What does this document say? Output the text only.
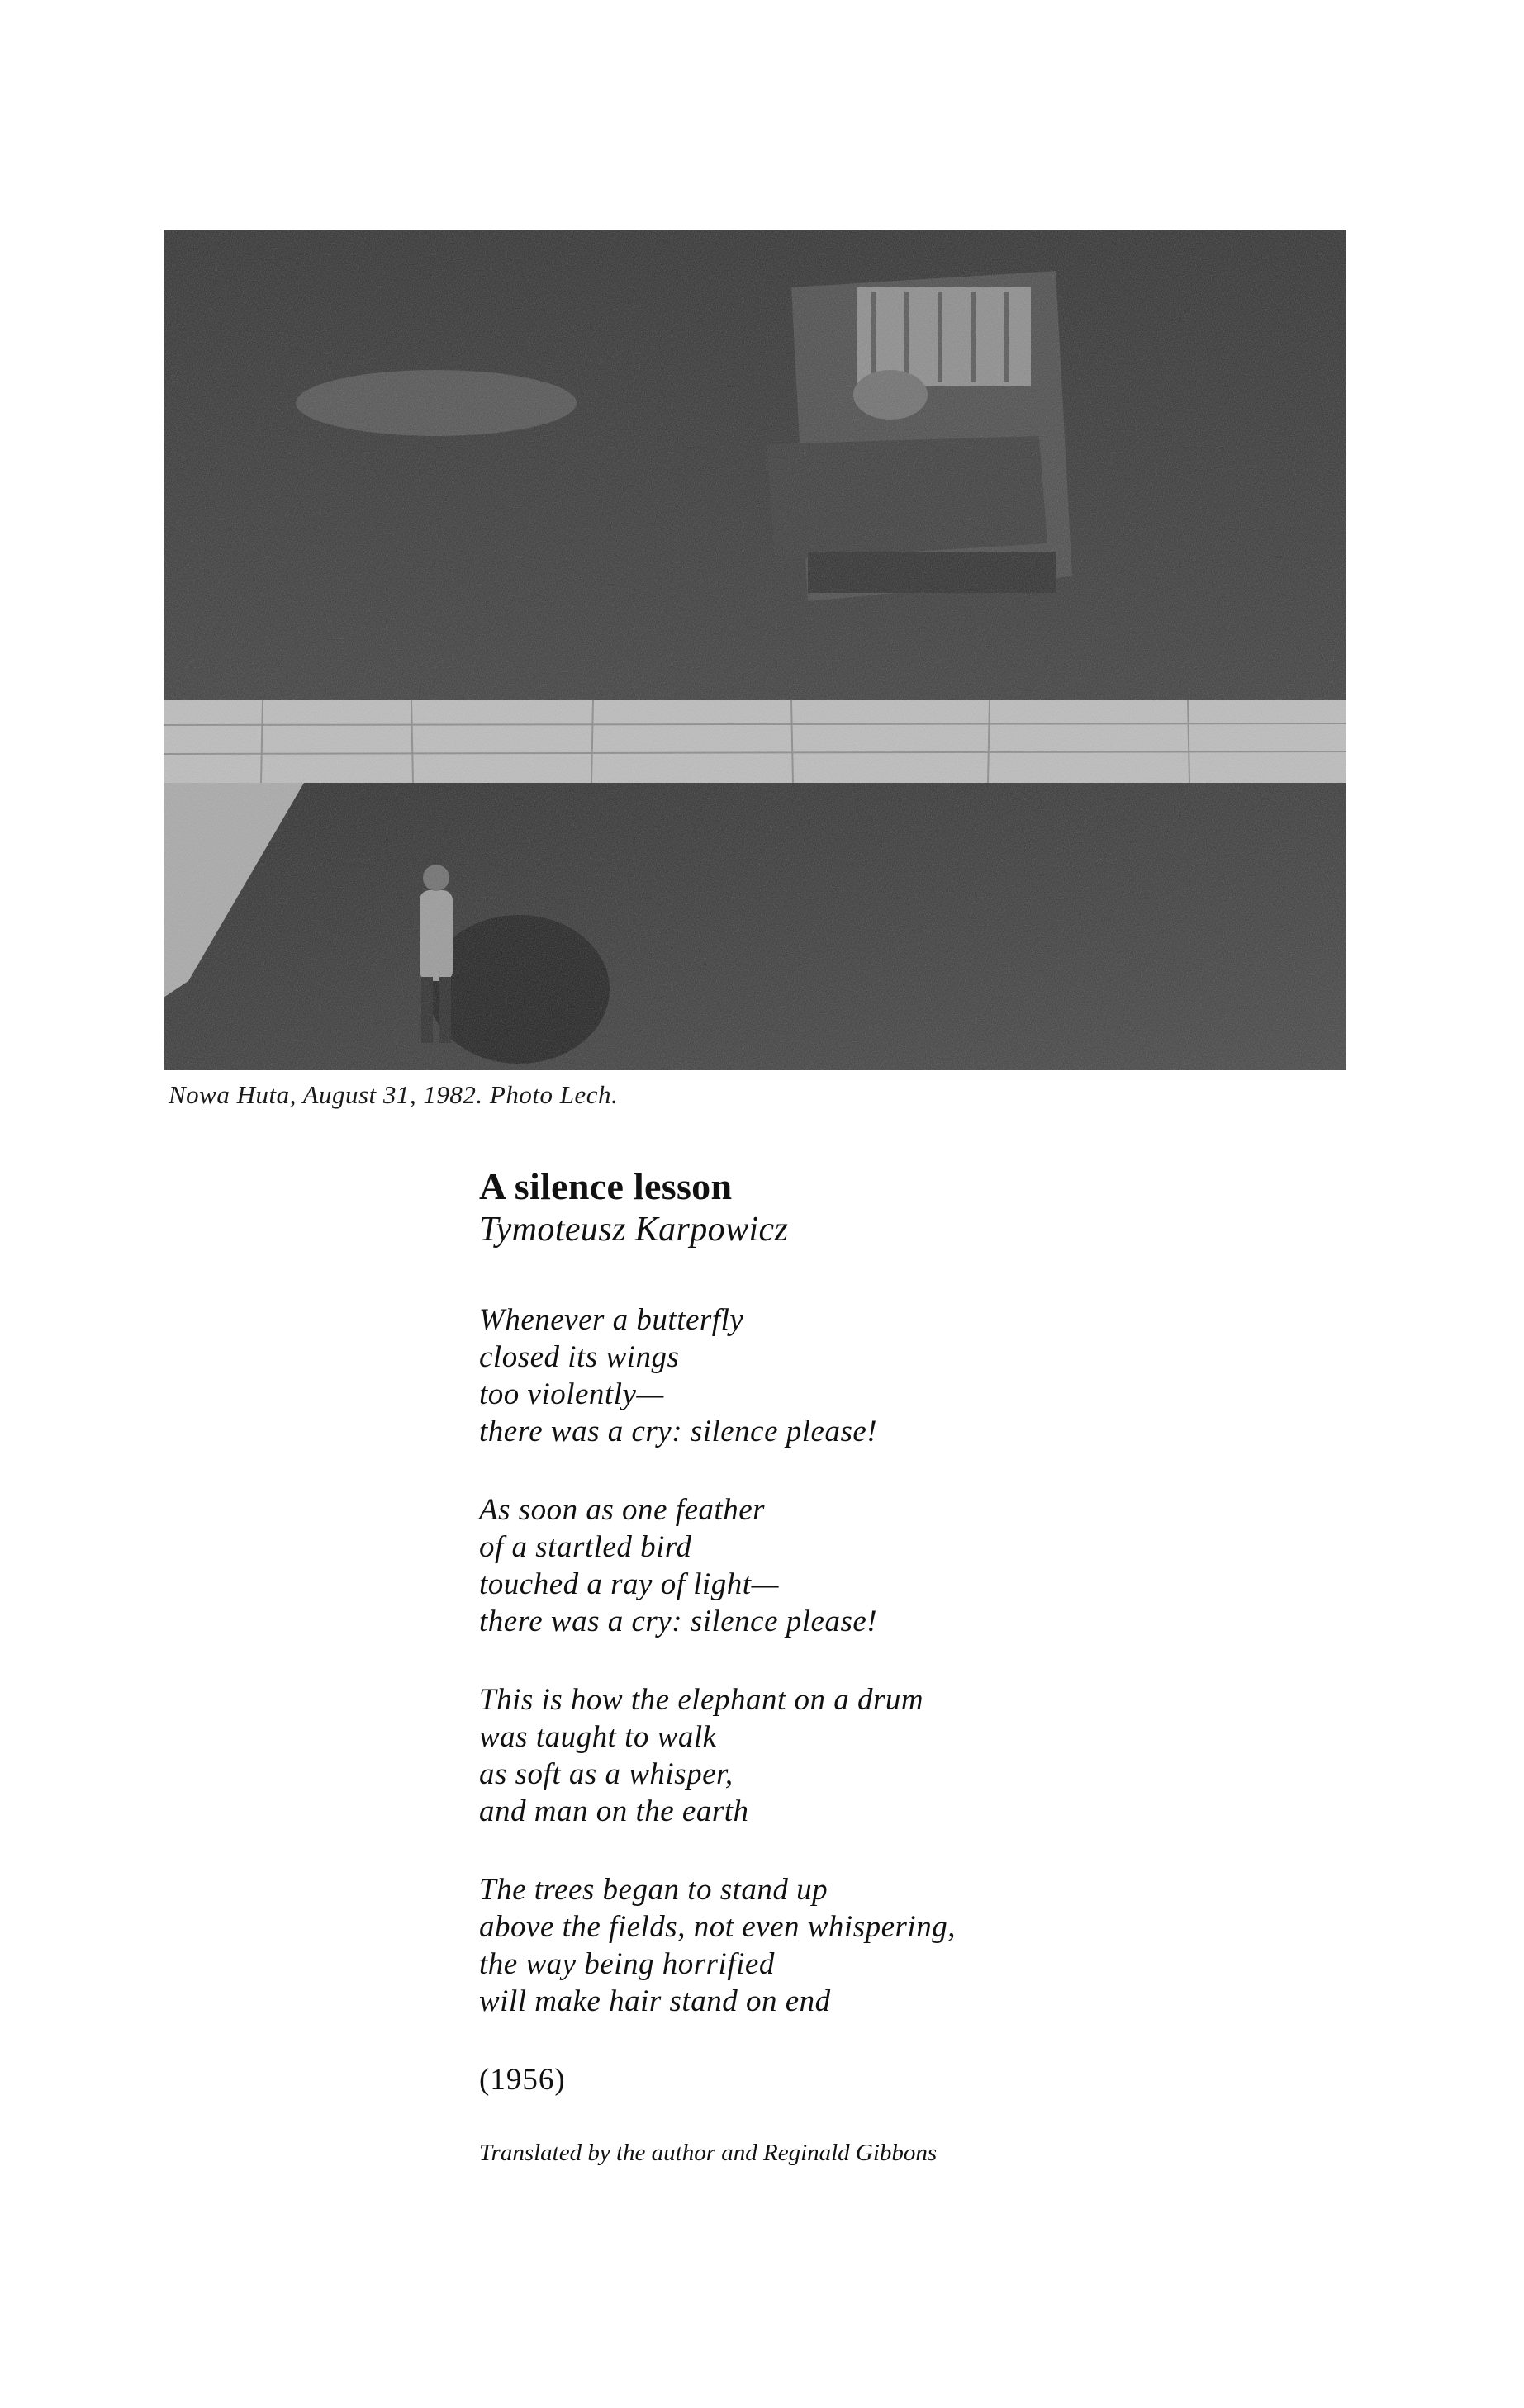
Nowa Huta, August 31, 1982. Photo Lech.
A silence lesson
Tymoteusz Karpowicz
Whenever a butterfly
closed its wings
too violently—
there was a cry: silence please!
As soon as one feather
of a startled bird
touched a ray of light—
there was a cry: silence please!
This is how the elephant on a drum
was taught to walk
as soft as a whisper,
and man on the earth
The trees began to stand up
above the fields, not even whispering,
the way being horrified
will make hair stand on end
(1956)
Translated by the author and Reginald Gibbons
